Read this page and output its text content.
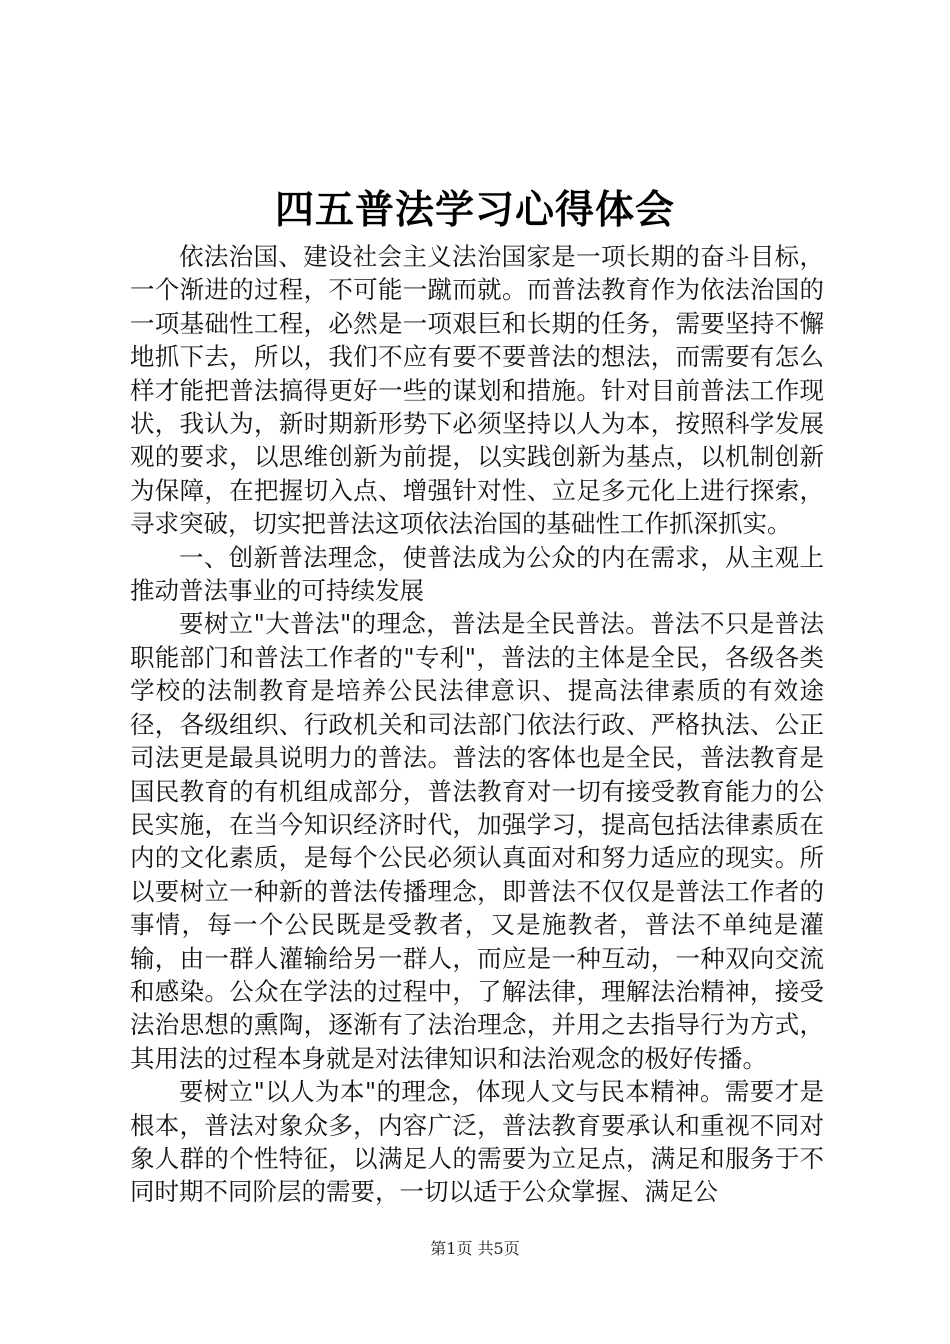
四五普法学习心得体会

依法治国、建设社会主义法治国家是一项长期的奋斗目标，一个渐进的过程，不可能一蹴而就。而普法教育作为依法治国的一项基础性工程，必然是一项艰巨和长期的任务，需要坚持不懈地抓下去，所以，我们不应有要不要普法的想法，而需要有怎么样才能把普法搞得更好一些的谋划和措施。针对目前普法工作现状，我认为，新时期新形势下必须坚持以人为本，按照科学发展观的要求，以思维创新为前提，以实践创新为基点，以机制创新为保障，在把握切入点、增强针对性、立足多元化上进行探索，寻求突破，切实把普法这项依法治国的基础性工作抓深抓实。

一、创新普法理念，使普法成为公众的内在需求，从主观上推动普法事业的可持续发展

要树立"大普法"的理念，普法是全民普法。普法不只是普法职能部门和普法工作者的"专利"，普法的主体是全民，各级各类学校的法制教育是培养公民法律意识、提高法律素质的有效途径，各级组织、行政机关和司法部门依法行政、严格执法、公正司法更是最具说明力的普法。普法的客体也是全民，普法教育是国民教育的有机组成部分，普法教育对一切有接受教育能力的公民实施，在当今知识经济时代，加强学习，提高包括法律素质在内的文化素质，是每个公民必须认真面对和努力适应的现实。所以要树立一种新的普法传播理念，即普法不仅仅是普法工作者的事情，每一个公民既是受教者，又是施教者，普法不单纯是灌输，由一群人灌输给另一群人，而应是一种互动，一种双向交流和感染。公众在学法的过程中，了解法律，理解法治精神，接受法治思想的熏陶，逐渐有了法治理念，并用之去指导行为方式，其用法的过程本身就是对法律知识和法治观念的极好传播。

要树立"以人为本"的理念，体现人文与民本精神。需要才是根本，普法对象众多，内容广泛，普法教育要承认和重视不同对象人群的个性特征，以满足人的需要为立足点，满足和服务于不同时期不同阶层的需要，一切以适于公众掌握、满足公

第1页 共5页
